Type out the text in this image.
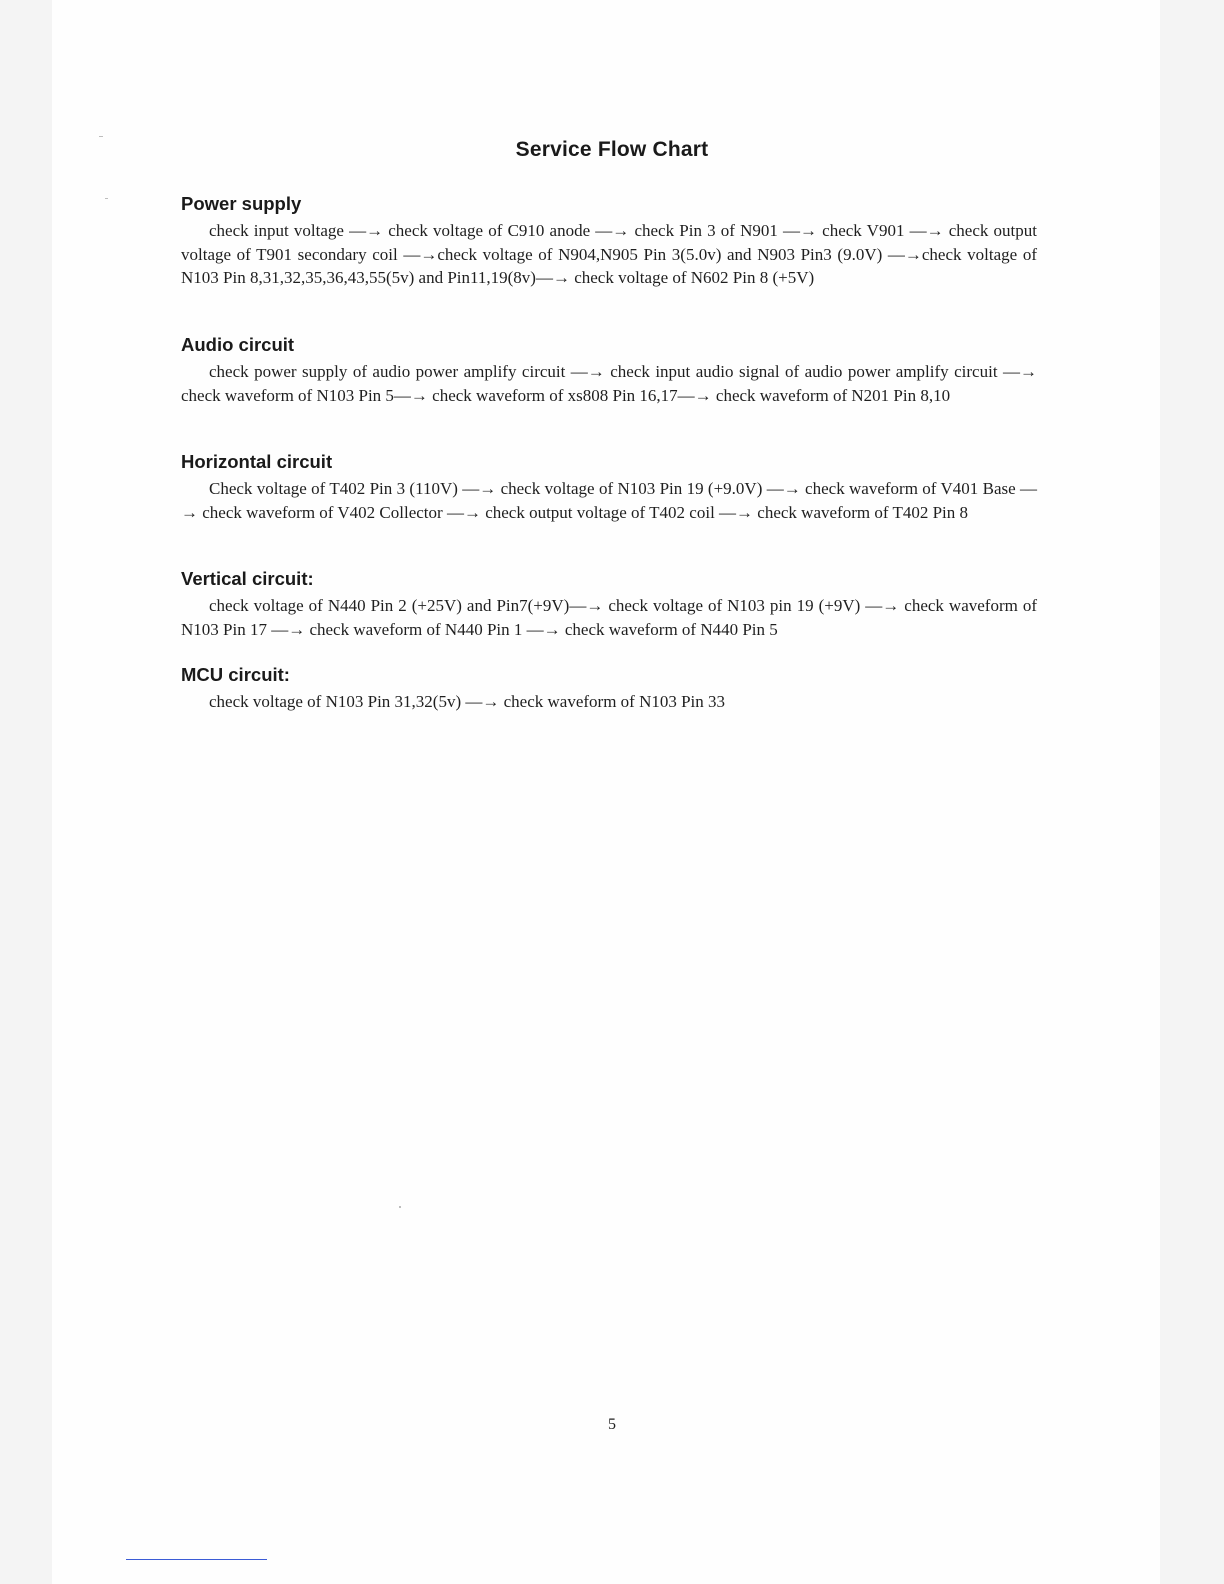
Service Flow Chart
Power supply

check input voltage —→ check voltage of C910 anode —→ check Pin 3 of N901 —→ check V901 —→ check output voltage of T901 secondary coil —→check voltage of N904,N905 Pin 3(5.0v) and N903 Pin3 (9.0V) —→check voltage of N103 Pin 8,31,32,35,36,43,55(5v) and Pin11,19(8v)—→ check voltage of N602 Pin 8 (+5V)

Audio circuit

check power supply of audio power amplify circuit —→ check input audio signal of audio power amplify circuit —→ check waveform of N103 Pin 5—→ check waveform of xs808 Pin 16,17—→ check waveform of N201 Pin 8,10

Horizontal circuit

Check voltage of T402 Pin 3 (110V) —→ check voltage of N103 Pin 19 (+9.0V) —→ check waveform of V401 Base —→ check waveform of V402 Collector —→ check output voltage of T402 coil —→ check waveform of T402 Pin 8

Vertical circuit:

check voltage of N440 Pin 2 (+25V) and Pin7(+9V)—→ check voltage of N103 pin 19 (+9V) —→ check waveform of N103 Pin 17 —→ check waveform of N440 Pin 1 —→ check waveform of N440 Pin 5

MCU circuit:

check voltage of N103 Pin 31,32(5v) —→ check waveform of N103 Pin 33

5
